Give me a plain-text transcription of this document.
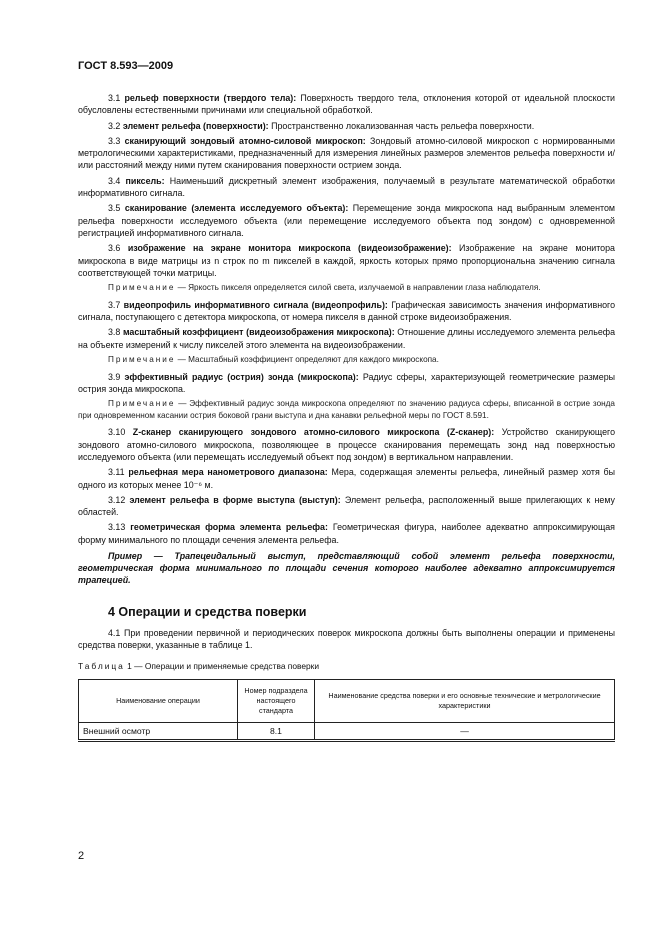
ГОСТ 8.593—2009

3.1 рельеф поверхности (твердого тела): Поверхность твердого тела, отклонения которой от идеальной плоскости обусловлены естественными причинами или специальной обработкой.

3.2 элемент рельефа (поверхности): Пространственно локализованная часть рельефа поверхности.

3.3 сканирующий зондовый атомно-силовой микроскоп: Зондовый атомно-силовой микроскоп с нормированными метрологическими характеристиками, предназначенный для измерения линейных размеров элементов рельефа поверхности и/или расстояний между ними путем сканирования поверхности острием зонда.

3.4 пиксель: Наименьший дискретный элемент изображения, получаемый в результате математической обработки информативного сигнала.

3.5 сканирование (элемента исследуемого объекта): Перемещение зонда микроскопа над выбранным элементом рельефа поверхности исследуемого объекта (или перемещение исследуемого объекта под зондом) с одновременной регистрацией информативного сигнала.

3.6 изображение на экране монитора микроскопа (видеоизображение): Изображение на экране монитора микроскопа в виде матрицы из n строк по m пикселей в каждой, яркость которых прямо пропорциональна значению сигнала соответствующей точки матрицы.

Примечание — Яркость пикселя определяется силой света, излучаемой в направлении глаза наблюдателя.

3.7 видеопрофиль информативного сигнала (видеопрофиль): Графическая зависимость значения информативного сигнала, поступающего с детектора микроскопа, от номера пикселя в данной строке видеоизображения.

3.8 масштабный коэффициент (видеоизображения микроскопа): Отношение длины исследуемого элемента рельефа на объекте измерений к числу пикселей этого элемента на видеоизображении.

Примечание — Масштабный коэффициент определяют для каждого микроскопа.

3.9 эффективный радиус (острия) зонда (микроскопа): Радиус сферы, характеризующей геометрические размеры острия зонда микроскопа.

Примечание — Эффективный радиус зонда микроскопа определяют по значению радиуса сферы, вписанной в острие зонда при одновременном касании острия боковой грани выступа и дна канавки рельефной меры по ГОСТ 8.591.

3.10 Z-сканер сканирующего зондового атомно-силового микроскопа (Z-сканер): Устройство сканирующего зондового атомно-силового микроскопа, позволяющее в процессе сканирования перемещать зонд над поверхностью исследуемого объекта (или перемещать исследуемый объект под зондом) в вертикальном направлении.

3.11 рельефная мера нанометрового диапазона: Мера, содержащая элементы рельефа, линейный размер хотя бы одного из которых менее 10⁻⁶ м.

3.12 элемент рельефа в форме выступа (выступ): Элемент рельефа, расположенный выше прилегающих к нему областей.

3.13 геометрическая форма элемента рельефа: Геометрическая фигура, наиболее адекватно аппроксимирующая форму минимального по площади сечения элемента рельефа.

Пример — Трапецеидальный выступ, представляющий собой элемент рельефа поверхности, геометрическая форма минимального по площади сечения которого наиболее адекватно аппроксимируется трапецией.

4 Операции и средства поверки

4.1 При проведении первичной и периодических поверок микроскопа должны быть выполнены операции и применены средства поверки, указанные в таблице 1.

Таблица 1 — Операции и применяемые средства поверки
Наименование операции	Номер подраздела настоящего стандарта	Наименование средства поверки и его основные технические и метрологические характеристики
Внешний осмотр	8.1	—
2
